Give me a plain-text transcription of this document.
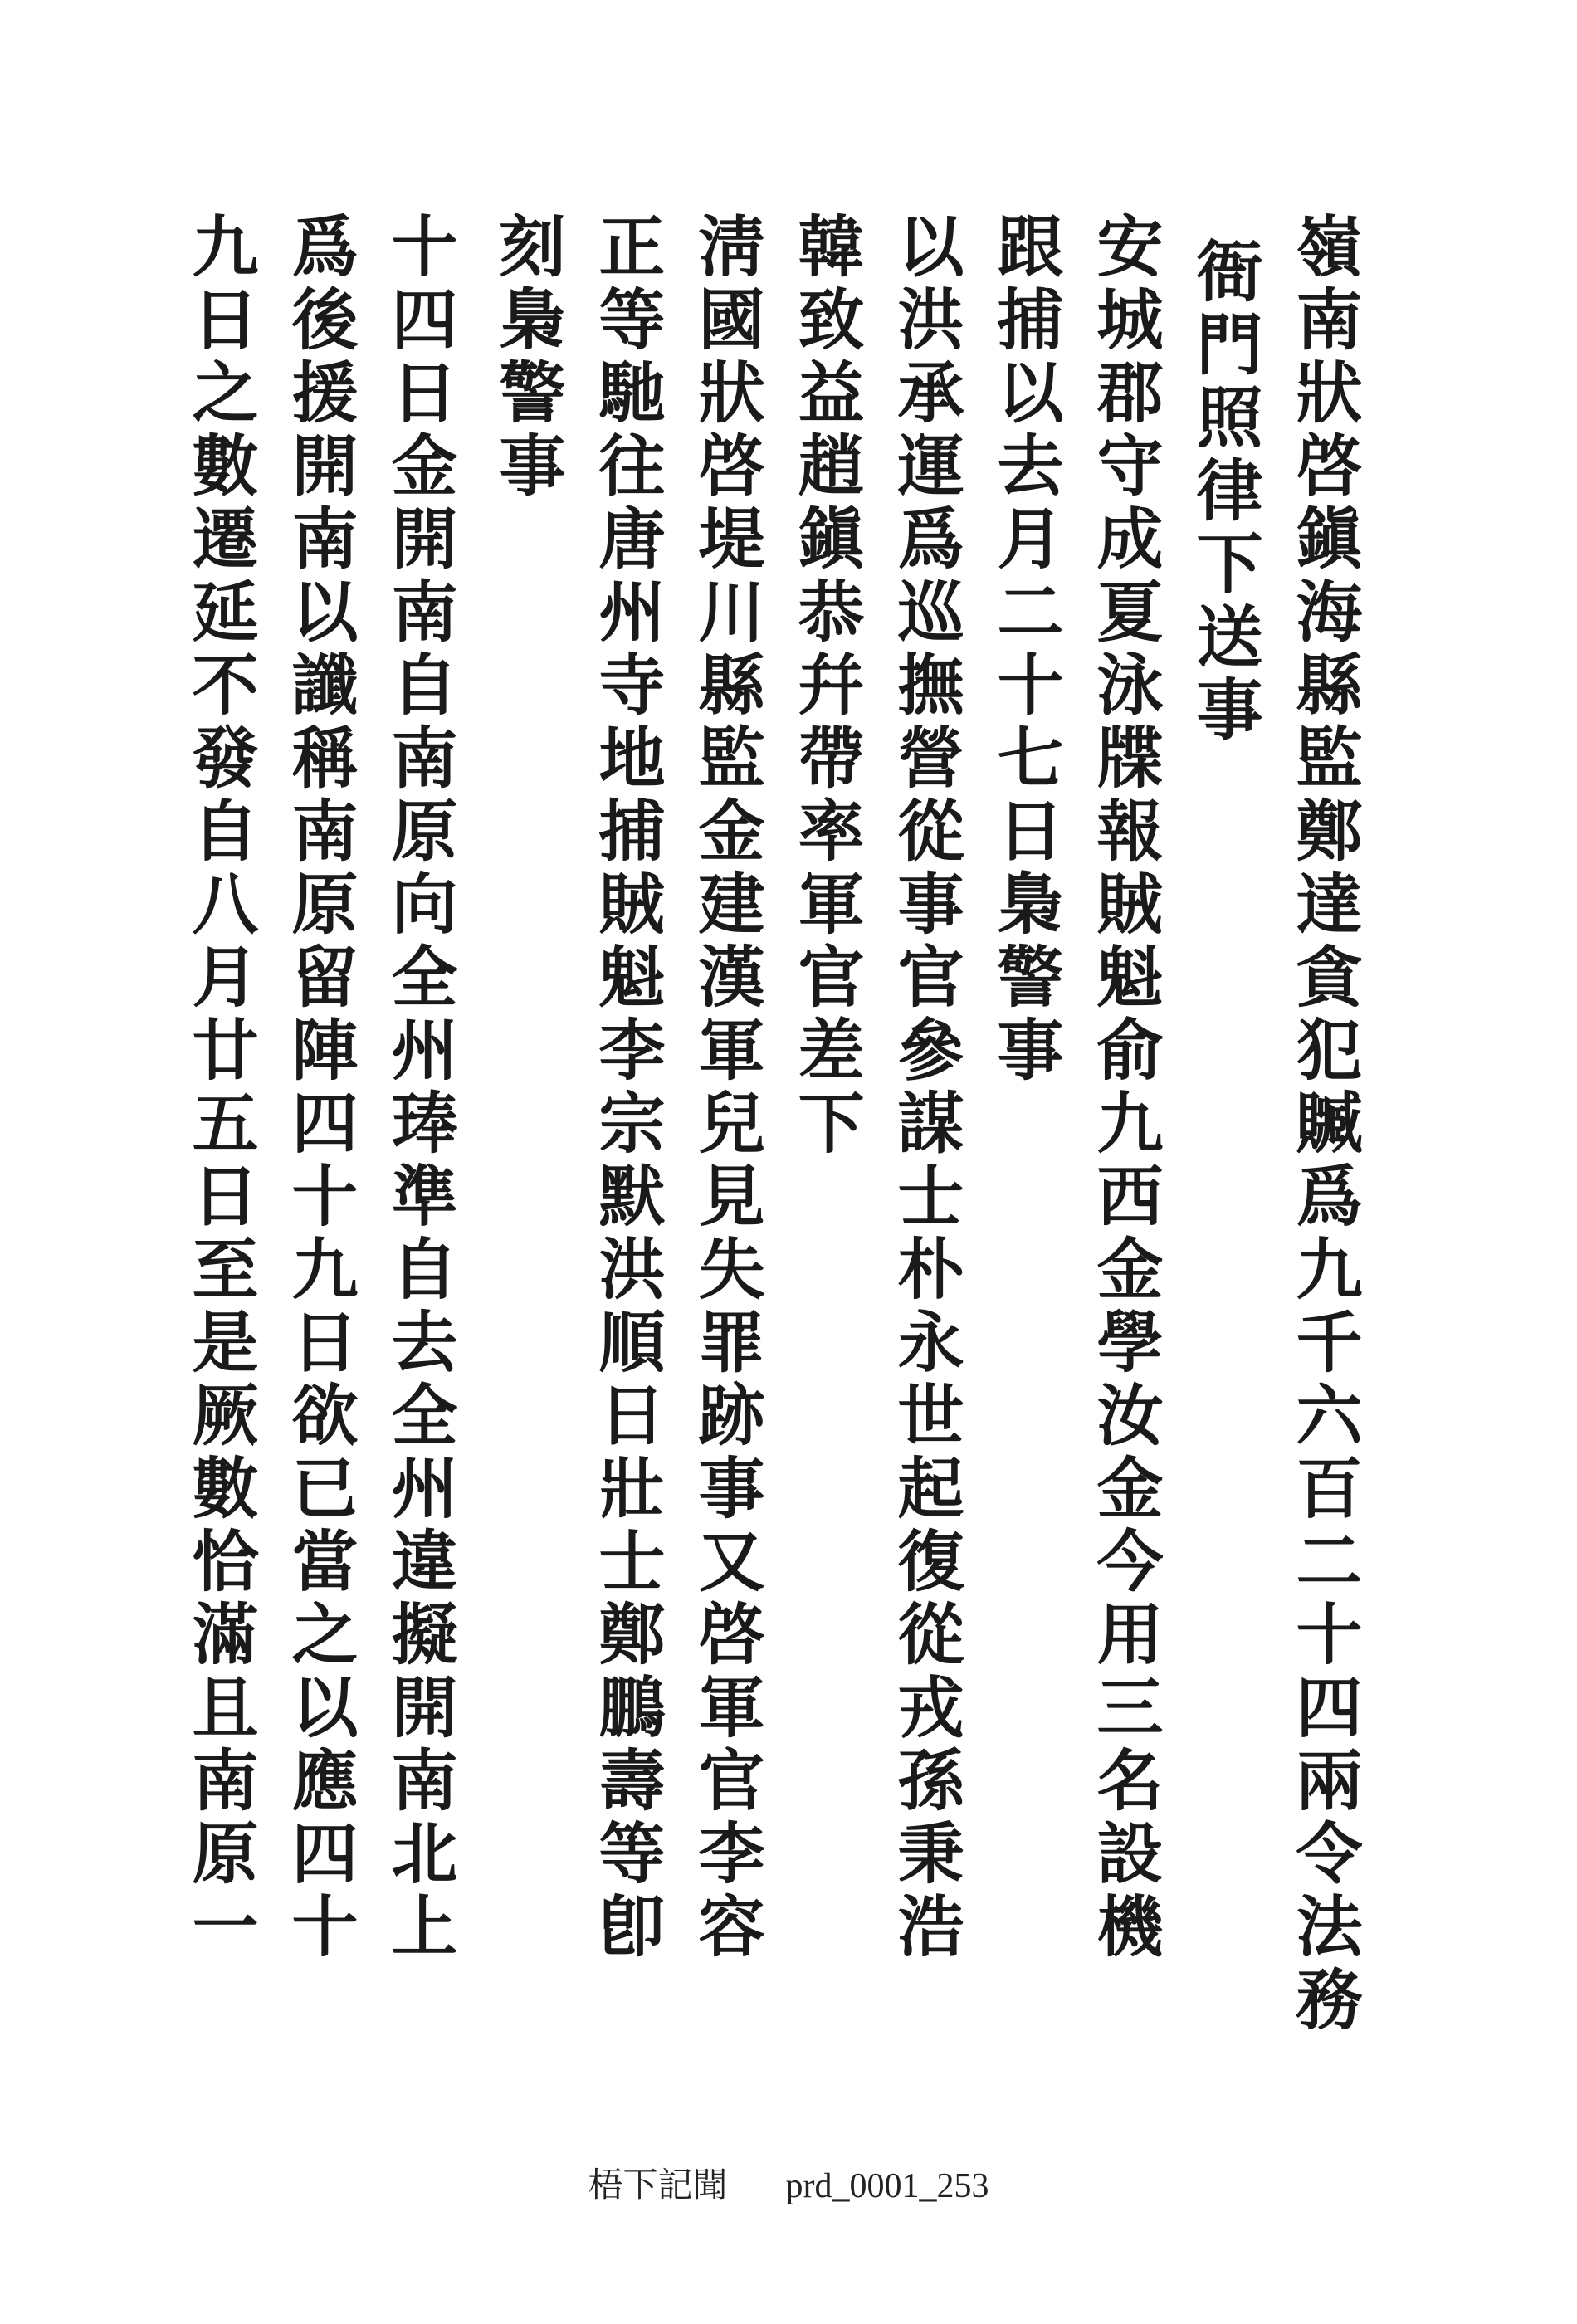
嶺南狀啓鎭海縣監鄭達貪犯贓爲九千六百二十四兩令法務
衙門照律下送事
安城郡守成夏泳牒報賊魁俞九西金學汝金今用三名設機
跟捕以去月二十七日梟警事
以洪承運爲巡撫營從事官參謀士朴永世起復從戎孫秉浩
韓致益趙鎭恭幷帶率軍官差下
淸國狀啓堤川縣監金建漢軍兒見失罪跡事又啓軍官李容
正等馳往唐州寺地捕賊魁李宗默洪順日壯士鄭鵬壽等卽
刻梟警事
十四日金開南自南原向全州琫準自去全州違擬開南北上
爲後援開南以讖稱南原留陣四十九日欲已當之以應四十
九日之數遷延不發自八月廿五日至是厥數恰滿且南原一
梧下記聞 prd_0001_253
